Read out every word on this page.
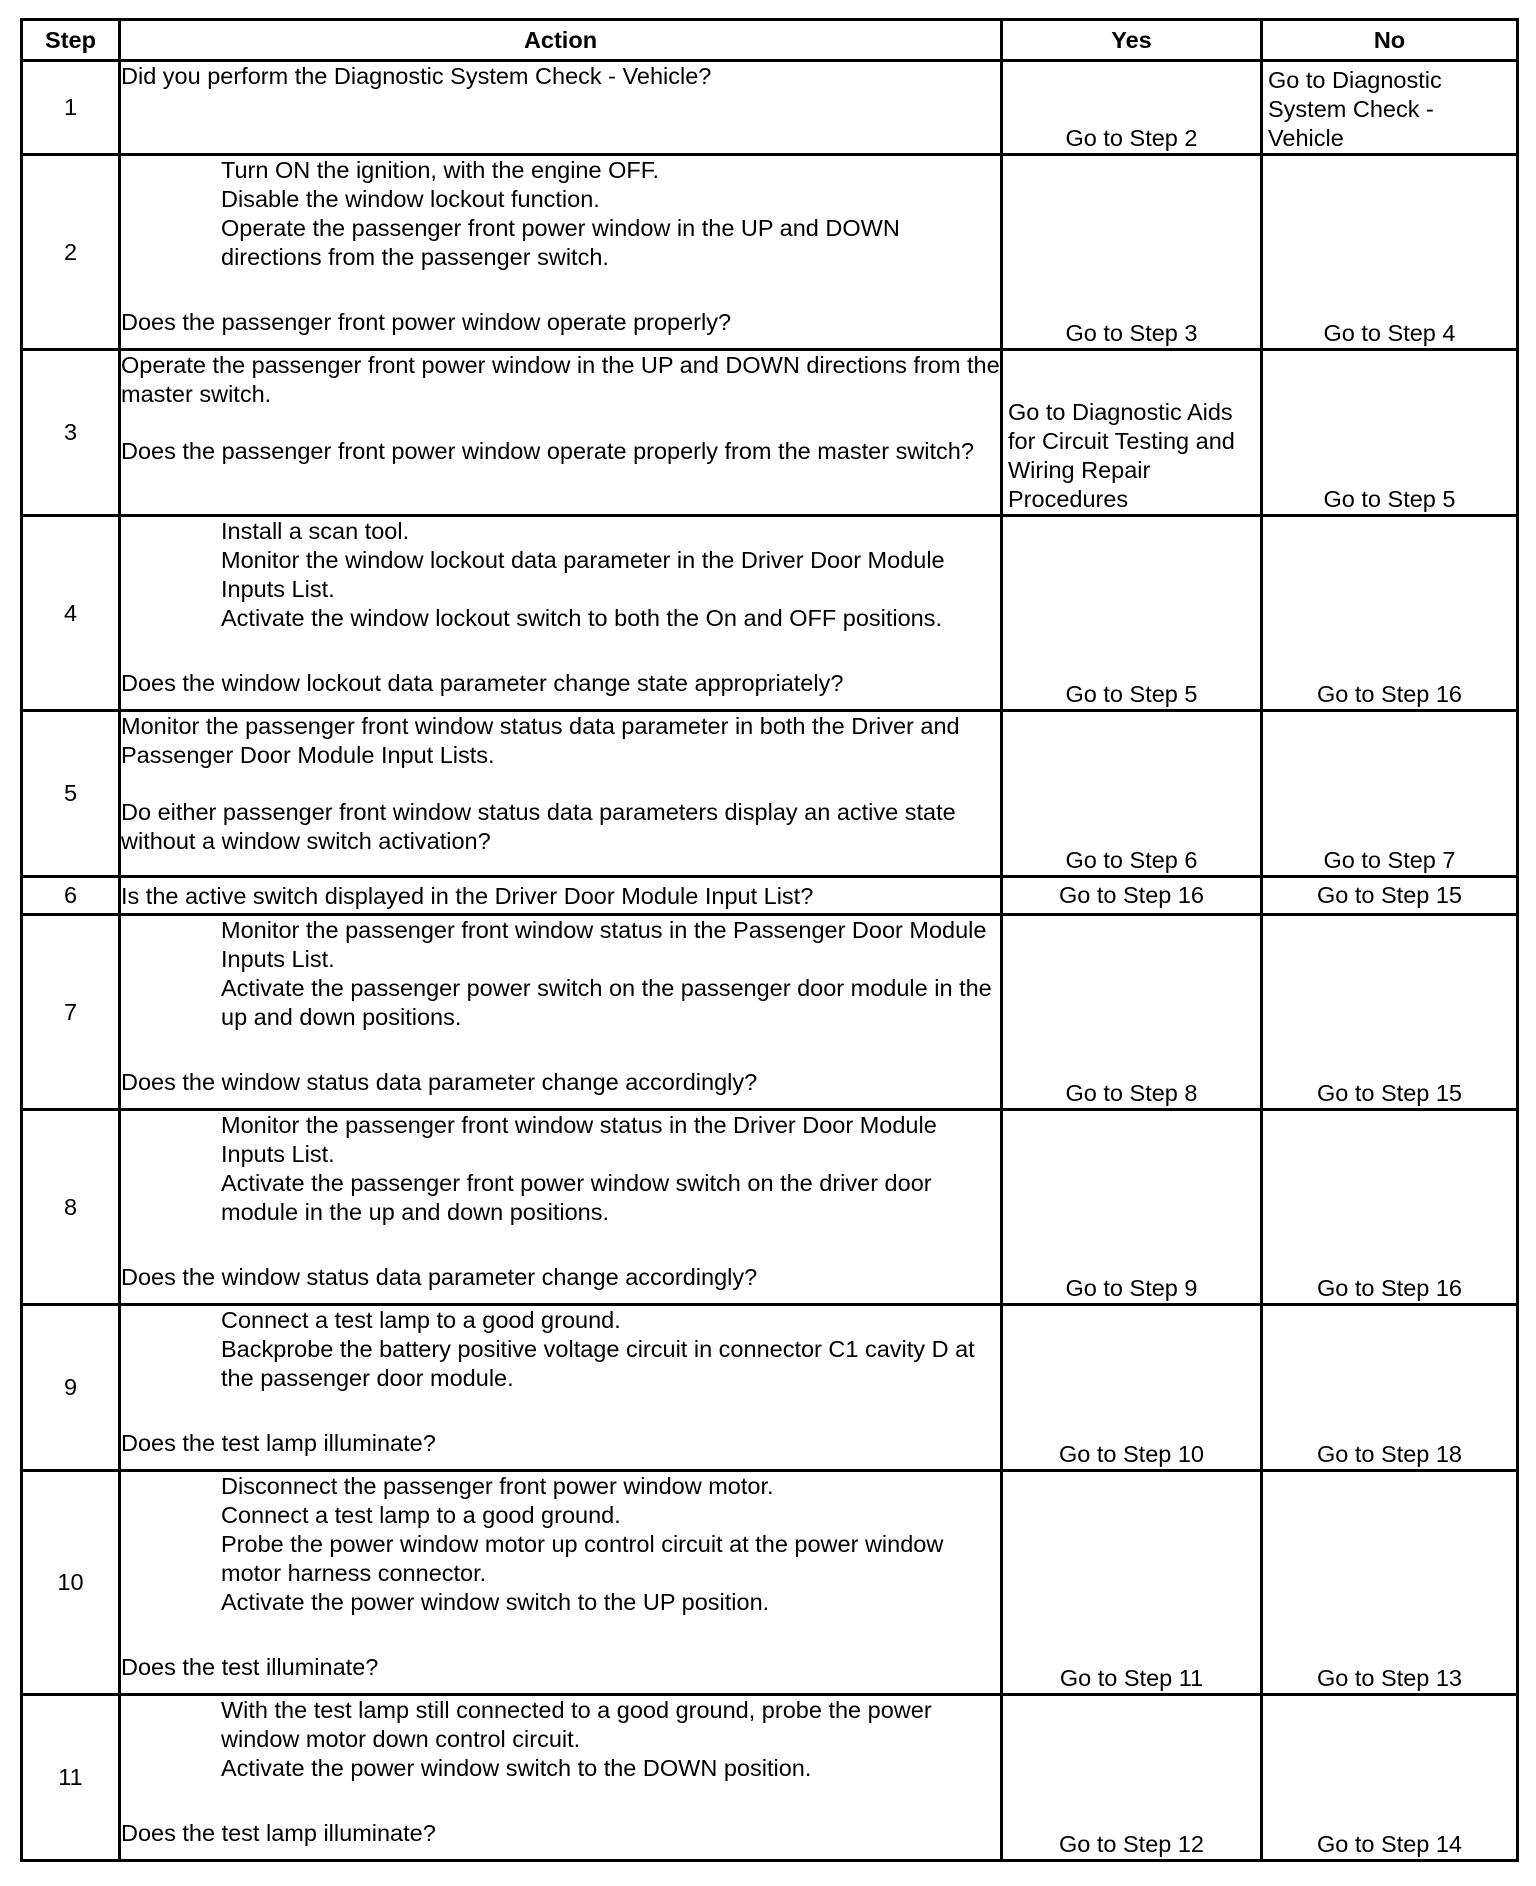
Step	Action	Yes	No
1	Did you perform the Diagnostic System Check - Vehicle?	Go to Step 2	Go to Diagnostic System Check - Vehicle
2	Turn ON the ignition, with the engine OFF.
Disable the window lockout function.
Operate the passenger front power window in the UP and DOWN directions from the passenger switch.
Does the passenger front power window operate properly?	Go to Step 3	Go to Step 4
3	Operate the passenger front power window in the UP and DOWN directions from the master switch.
Does the passenger front power window operate properly from the master switch?	Go to Diagnostic Aids for Circuit Testing and Wiring Repair Procedures	Go to Step 5
4	Install a scan tool.
Monitor the window lockout data parameter in the Driver Door Module Inputs List.
Activate the window lockout switch to both the On and OFF positions.
Does the window lockout data parameter change state appropriately?	Go to Step 5	Go to Step 16
5	Monitor the passenger front window status data parameter in both the Driver and Passenger Door Module Input Lists.
Do either passenger front window status data parameters display an active state without a window switch activation?	Go to Step 6	Go to Step 7
6	Is the active switch displayed in the Driver Door Module Input List?	Go to Step 16	Go to Step 15
7	Monitor the passenger front window status in the Passenger Door Module Inputs List.
Activate the passenger power switch on the passenger door module in the up and down positions.
Does the window status data parameter change accordingly?	Go to Step 8	Go to Step 15
8	Monitor the passenger front window status in the Driver Door Module Inputs List.
Activate the passenger front power window switch on the driver door module in the up and down positions.
Does the window status data parameter change accordingly?	Go to Step 9	Go to Step 16
9	Connect a test lamp to a good ground.
Backprobe the battery positive voltage circuit in connector C1 cavity D at the passenger door module.
Does the test lamp illuminate?	Go to Step 10	Go to Step 18
10	Disconnect the passenger front power window motor.
Connect a test lamp to a good ground.
Probe the power window motor up control circuit at the power window motor harness connector.
Activate the power window switch to the UP position.
Does the test illuminate?	Go to Step 11	Go to Step 13
11	With the test lamp still connected to a good ground, probe the power window motor down control circuit.
Activate the power window switch to the DOWN position.
Does the test lamp illuminate?	Go to Step 12	Go to Step 14
